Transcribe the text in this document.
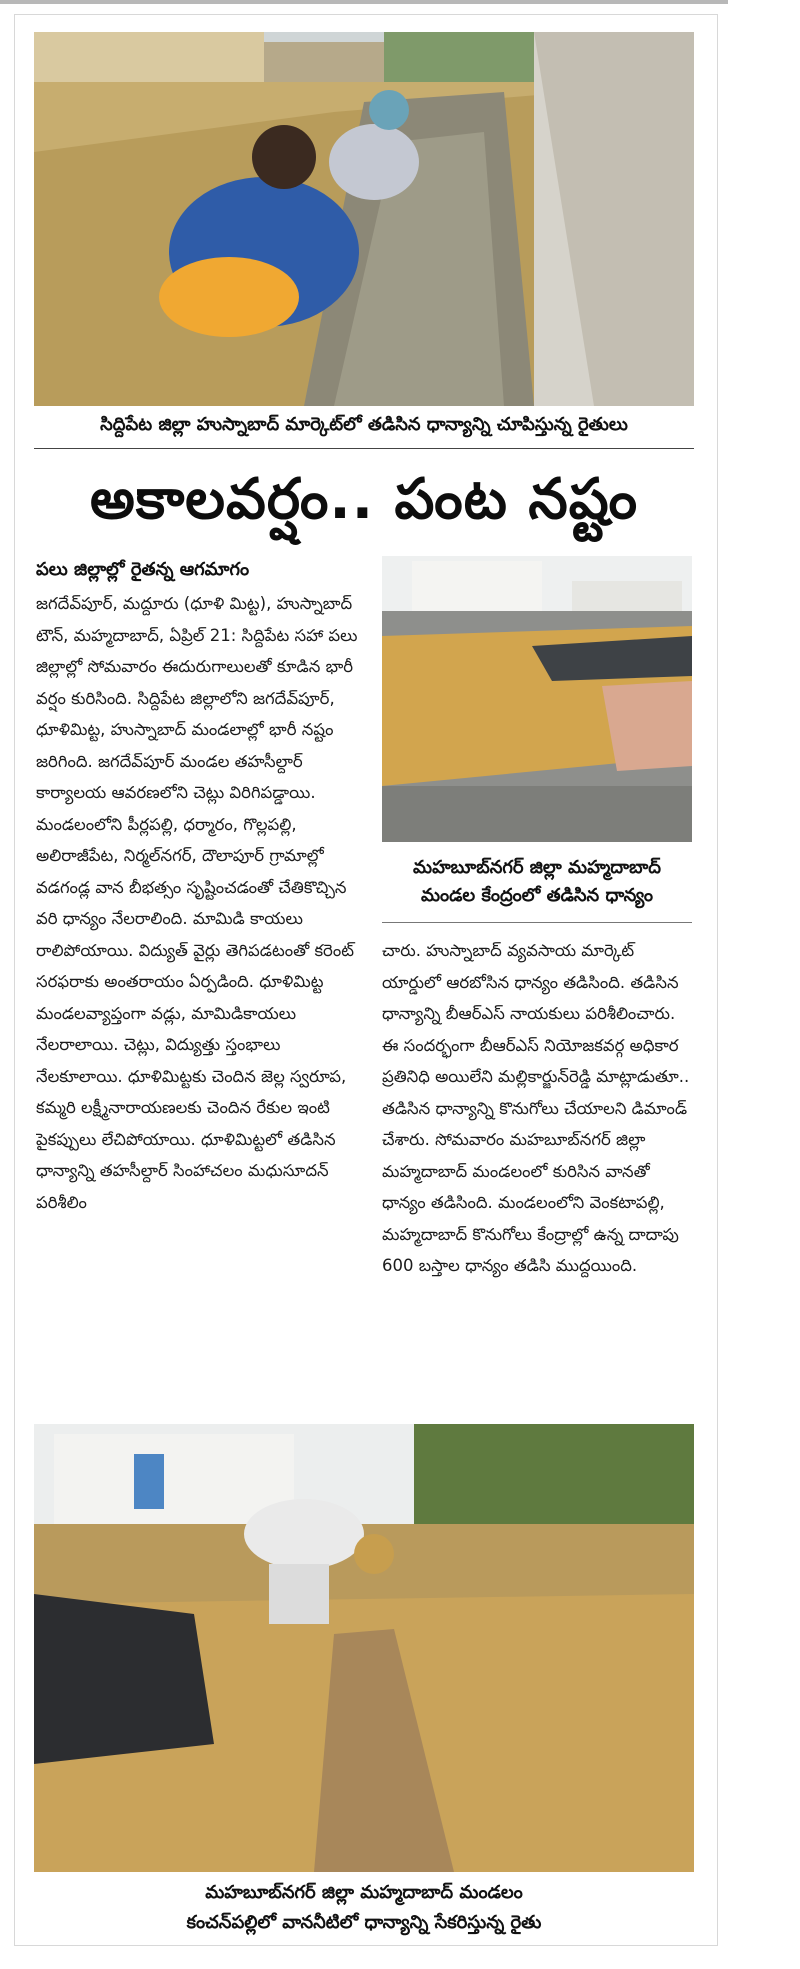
సిద్దిపేట జిల్లా హుస్నాబాద్ మార్కెట్‌లో తడిసిన ధాన్యాన్ని చూపిస్తున్న రైతులు
అకాలవర్షం.. పంట నష్టం
పలు జిల్లాల్లో రైతన్న ఆగమాగం
మహబూబ్‌నగర్ జిల్లా మహ్మదాబాద్
మండల కేంద్రంలో తడిసిన ధాన్యం

జగదేవ్‌పూర్, మద్దూరు (ధూళి మిట్ట), హుస్నాబాద్ టౌన్, మహ్మదాబాద్, ఏప్రిల్ 21: సిద్దిపేట సహా పలు జిల్లాల్లో సోమవారం ఈదురుగాలులతో కూడిన భారీ వర్షం కురిసింది. సిద్దిపేట జిల్లాలోని జగదేవ్‌పూర్, ధూళిమిట్ట, హుస్నాబాద్ మండలాల్లో భారీ నష్టం జరిగింది. జగదేవ్‌పూర్ మండల తహసీల్దార్ కార్యాలయ ఆవరణలోని చెట్లు విరిగిపడ్డాయి. మండలంలోని పీర్లపల్లి, ధర్మారం, గొల్లపల్లి, అలిరాజీపేట, నిర్మల్‌నగర్, దౌలాపూర్ గ్రామాల్లో వడగండ్ల వాన బీభత్సం సృష్టించడంతో చేతికొచ్చిన వరి ధాన్యం నేలరాలింది. మామిడి కాయలు రాలిపోయాయి. విద్యుత్ వైర్లు తెగిపడటంతో కరెంట్ సరఫరాకు అంతరాయం ఏర్పడింది. ధూళిమిట్ట మండలవ్యాప్తంగా వడ్లు, మామిడికాయలు నేలరాలాయి. చెట్లు, విద్యుత్తు స్తంభాలు నేలకూలాయి. ధూళిమిట్టకు చెందిన జెల్ల స్వరూప, కమ్మరి లక్ష్మీనారాయణలకు చెందిన రేకుల ఇంటి పైకప్పులు లేచిపోయాయి. ధూళిమిట్టలో తడిసిన ధాన్యాన్ని తహసీల్దార్ సింహాచలం మధుసూదన్ పరిశీలిం

చారు. హుస్నాబాద్ వ్యవసాయ మార్కెట్ యార్డులో ఆరబోసిన ధాన్యం తడిసింది. తడిసిన ధాన్యాన్ని బీఆర్‌ఎస్ నాయకులు పరిశీలించారు. ఈ సందర్భంగా బీఆర్‌ఎస్ నియోజకవర్గ అధికార ప్రతినిధి అయిలేని మల్లికార్జున్‌రెడ్డి మాట్లాడుతూ.. తడిసిన ధాన్యాన్ని కొనుగోలు చేయాలని డిమాండ్ చేశారు. సోమవారం మహబూబ్‌నగర్ జిల్లా మహ్మదాబాద్ మండలంలో కురిసిన వానతో ధాన్యం తడిసింది. మండలంలోని వెంకటాపల్లి, మహ్మదాబాద్ కొనుగోలు కేంద్రాల్లో ఉన్న దాదాపు 600 బస్తాల ధాన్యం తడిసి ముద్దయింది.

మహబూబ్‌నగర్ జిల్లా మహ్మదాబాద్ మండలం
కంచన్‌పల్లిలో వాననీటిలో ధాన్యాన్ని సేకరిస్తున్న రైతు
